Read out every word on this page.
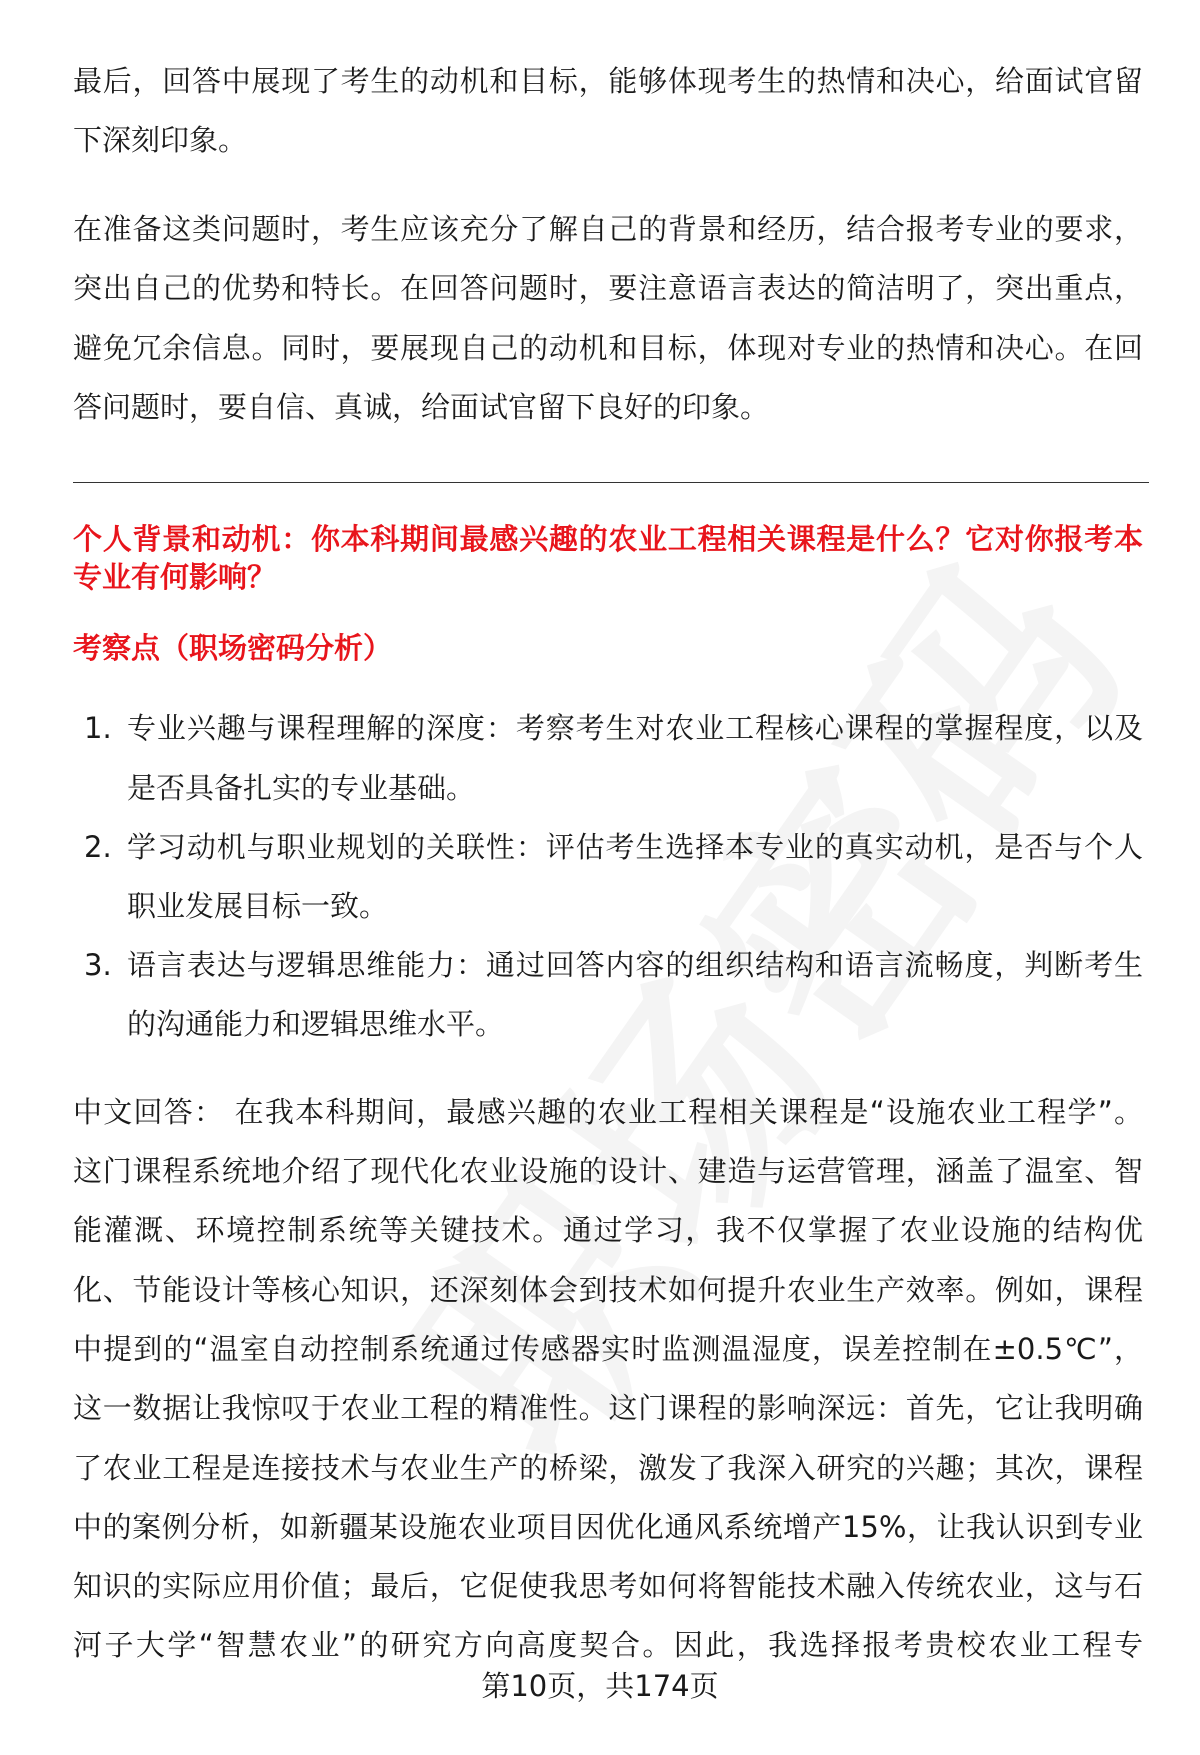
最后，回答中展现了考生的动机和目标，能够体现考生的热情和决心，给面试官留
下深刻印象。
在准备这类问题时，考生应该充分了解自己的背景和经历，结合报考专业的要求，
突出自己的优势和特长。在回答问题时，要注意语言表达的简洁明了，突出重点，
避免冗余信息。同时，要展现自己的动机和目标，体现对专业的热情和决心。在回
答问题时，要自信、真诚，给面试官留下良好的印象。
个人背景和动机：你本科期间最感兴趣的农业工程相关课程是什么？它对你报考本
专业有何影响？
考察点（职场密码分析）
1. 专业兴趣与课程理解的深度：考察考生对农业工程核心课程的掌握程度，以及
是否具备扎实的专业基础。
2. 学习动机与职业规划的关联性：评估考生选择本专业的真实动机，是否与个人
职业发展目标一致。
3. 语言表达与逻辑思维能力：通过回答内容的组织结构和语言流畅度，判断考生
的沟通能力和逻辑思维水平。
中文回答： 在我本科期间，最感兴趣的农业工程相关课程是“设施农业工程学”。
这门课程系统地介绍了现代化农业设施的设计、建造与运营管理，涵盖了温室、智
能灌溉、环境控制系统等关键技术。通过学习，我不仅掌握了农业设施的结构优
化、节能设计等核心知识，还深刻体会到技术如何提升农业生产效率。例如，课程
中提到的“温室自动控制系统通过传感器实时监测温湿度，误差控制在±0.5℃”，
这一数据让我惊叹于农业工程的精准性。这门课程的影响深远：首先，它让我明确
了农业工程是连接技术与农业生产的桥梁，激发了我深入研究的兴趣；其次，课程
中的案例分析，如新疆某设施农业项目因优化通风系统增产15%，让我认识到专业
知识的实际应用价值；最后，它促使我思考如何将智能技术融入传统农业，这与石
河子大学“智慧农业”的研究方向高度契合。因此，我选择报考贵校农业工程专
第10页，共174页
